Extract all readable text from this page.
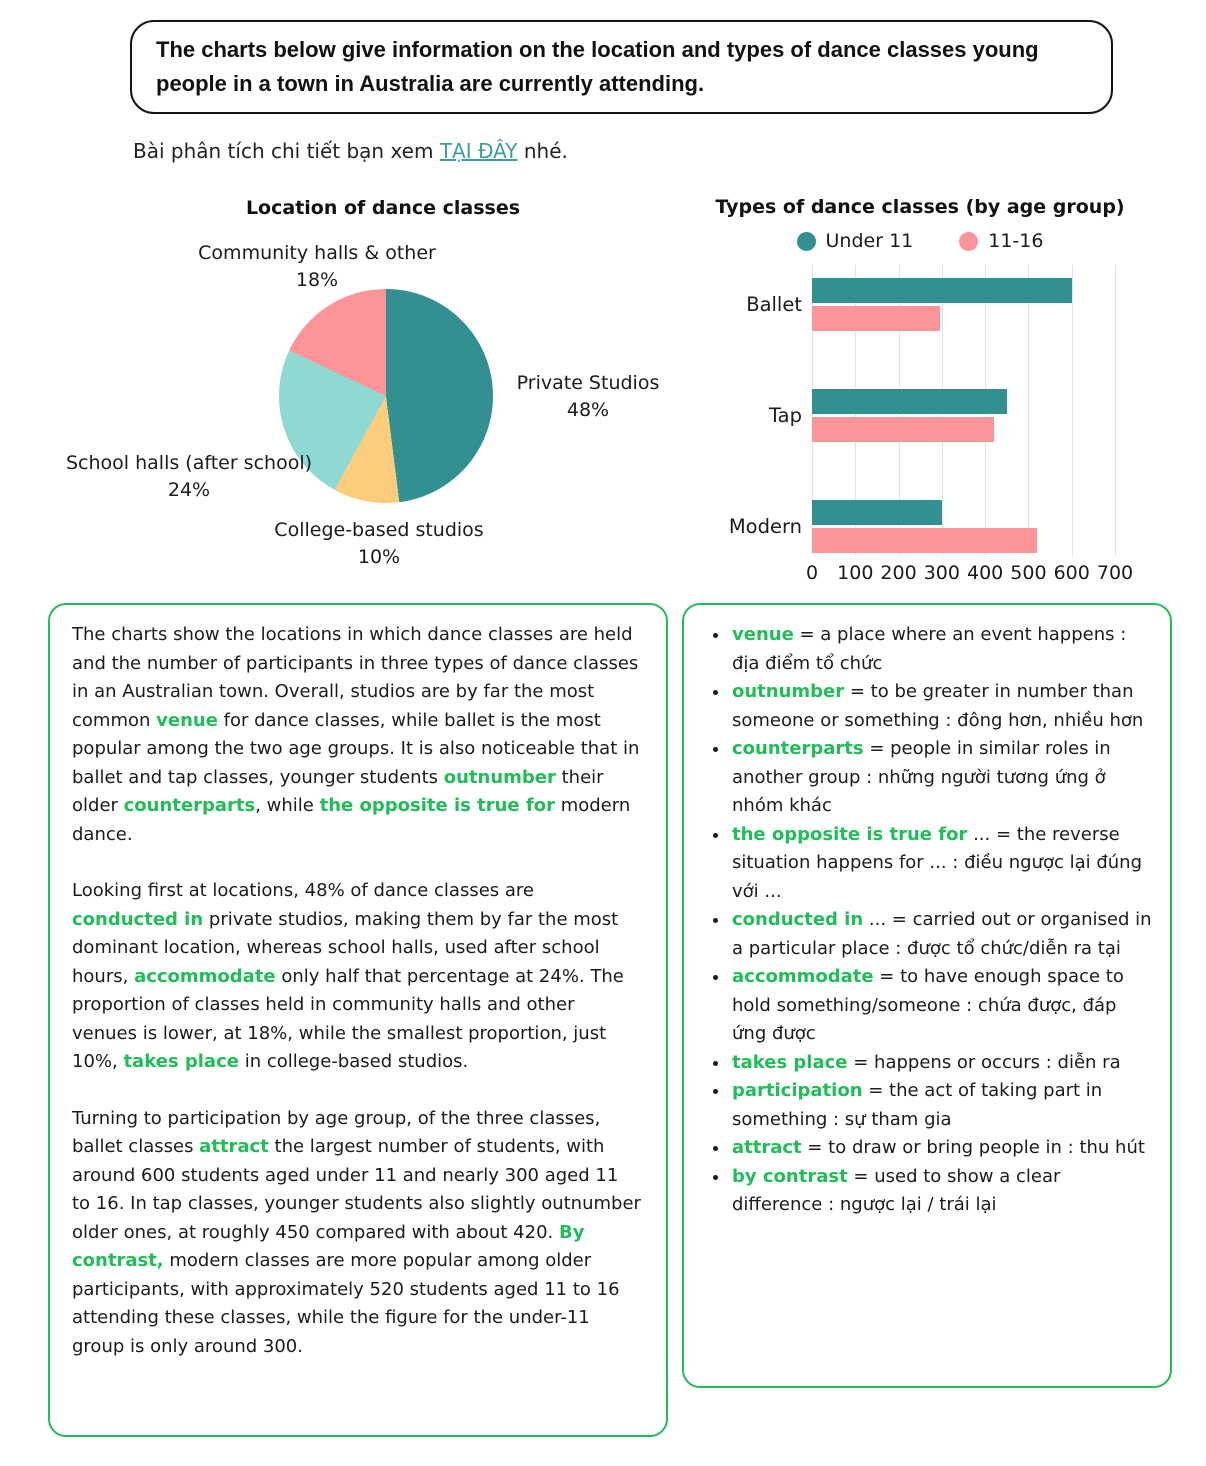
The charts below give information on the location and types of dance classes young people in a town in Australia are currently attending.
Bài phân tích chi tiết bạn xem TẠI ĐÂY nhé.
Location of dance classes
Community halls & other
18%
Private Studios
48%
School halls (after school)
24%
College-based studios
10%
Types of dance classes (by age group)
Under 11	11-16
Ballet
Tap
Modern
0 100 200 300 400 500 600 700

The charts show the locations in which dance classes are held and the number of participants in three types of dance classes in an Australian town. Overall, studios are by far the most common venue for dance classes, while ballet is the most popular among the two age groups. It is also noticeable that in ballet and tap classes, younger students outnumber their older counterparts, while the opposite is true for modern dance.

Looking first at locations, 48% of dance classes are conducted in private studios, making them by far the most dominant location, whereas school halls, used after school hours, accommodate only half that percentage at 24%. The proportion of classes held in community halls and other venues is lower, at 18%, while the smallest proportion, just 10%, takes place in college-based studios.

Turning to participation by age group, of the three classes, ballet classes attract the largest number of students, with around 600 students aged under 11 and nearly 300 aged 11 to 16. In tap classes, younger students also slightly outnumber older ones, at roughly 450 compared with about 420. By contrast, modern classes are more popular among older participants, with approximately 520 students aged 11 to 16 attending these classes, while the figure for the under-11 group is only around 300.

• venue = a place where an event happens : địa điểm tổ chức
• outnumber = to be greater in number than someone or something : đông hơn, nhiều hơn
• counterparts = people in similar roles in another group : những người tương ứng ở nhóm khác
• the opposite is true for ... = the reverse situation happens for ... : điều ngược lại đúng với ...
• conducted in ... = carried out or organised in a particular place : được tổ chức/diễn ra tại
• accommodate = to have enough space to hold something/someone : chứa được, đáp ứng được
• takes place = happens or occurs : diễn ra
• participation = the act of taking part in something : sự tham gia
• attract = to draw or bring people in : thu hút
• by contrast = used to show a clear difference : ngược lại / trái lại
